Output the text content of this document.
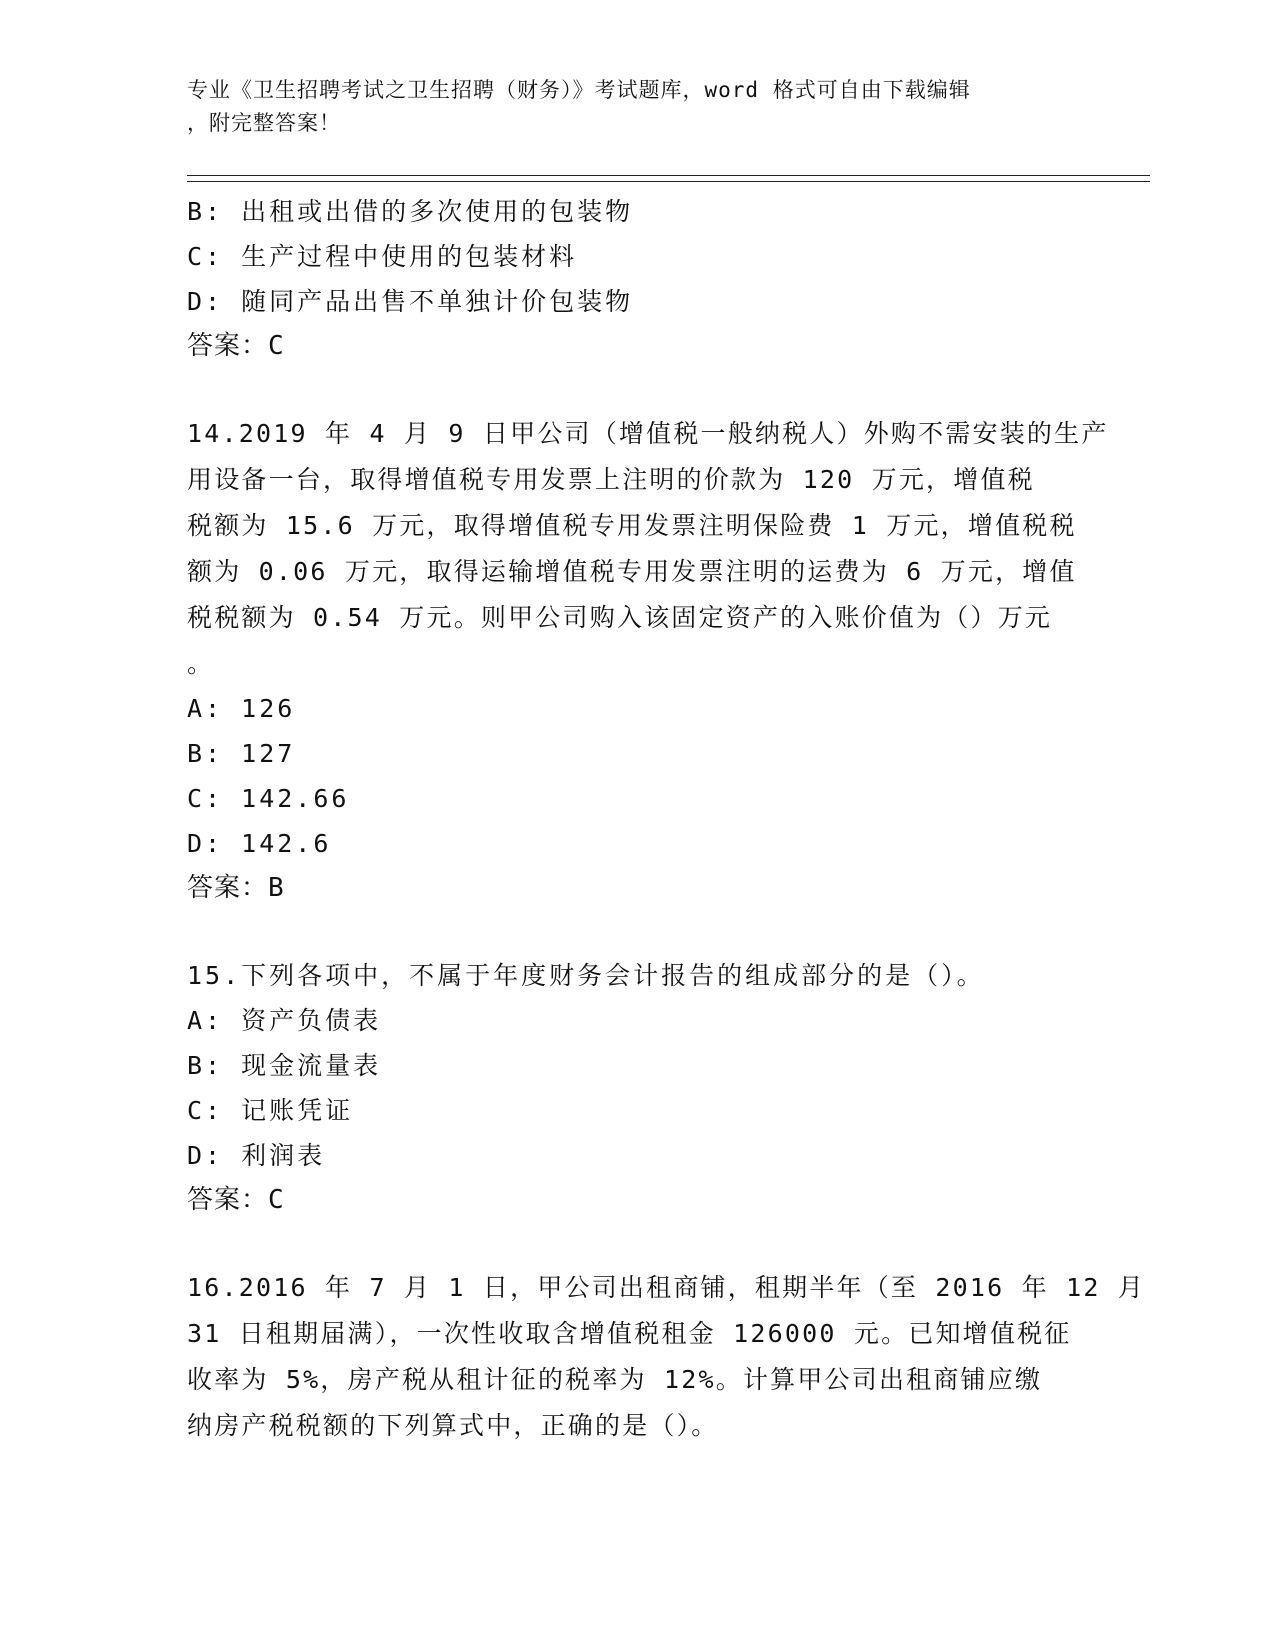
专业《卫生招聘考试之卫生招聘（财务）》考试题库，word 格式可自由下载编辑
，附完整答案！
B: 出租或出借的多次使用的包装物
C: 生产过程中使用的包装材料
D: 随同产品出售不单独计价包装物
答案：C
14.2019 年 4 月 9 日甲公司（增值税一般纳税人）外购不需安装的生产
用设备一台，取得增值税专用发票上注明的价款为 120 万元，增值税
税额为 15.6 万元，取得增值税专用发票注明保险费 1 万元，增值税税
额为 0.06 万元，取得运输增值税专用发票注明的运费为 6 万元，增值
税税额为 0.54 万元。则甲公司购入该固定资产的入账价值为（）万元
。
A: 126
B: 127
C: 142.66
D: 142.6
答案：B
15.下列各项中，不属于年度财务会计报告的组成部分的是（）。
A: 资产负债表
B: 现金流量表
C: 记账凭证
D: 利润表
答案：C
16.2016 年 7 月 1 日，甲公司出租商铺，租期半年（至 2016 年 12 月
31 日租期届满），一次性收取含增值税租金 126000 元。已知增值税征
收率为 5%，房产税从租计征的税率为 12%。计算甲公司出租商铺应缴
纳房产税税额的下列算式中，正确的是（）。
